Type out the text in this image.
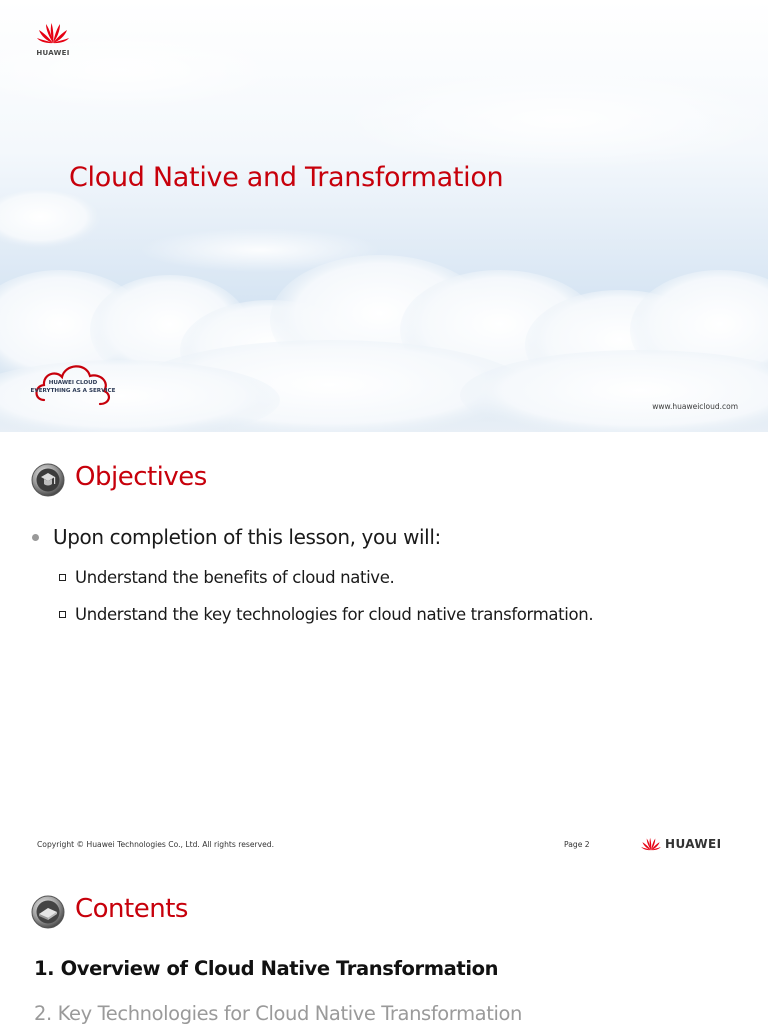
HUAWEI
Cloud Native and Transformation
HUAWEI CLOUD
EVERYTHING AS A SERVICE
www.huaweicloud.com
Objectives
Upon completion of this lesson, you will:
Understand the benefits of cloud native.
Understand the key technologies for cloud native transformation.
Copyright © Huawei Technologies Co., Ltd. All rights reserved.	Page 2	HUAWEI
Contents
1. Overview of Cloud Native Transformation
2. Key Technologies for Cloud Native Transformation
